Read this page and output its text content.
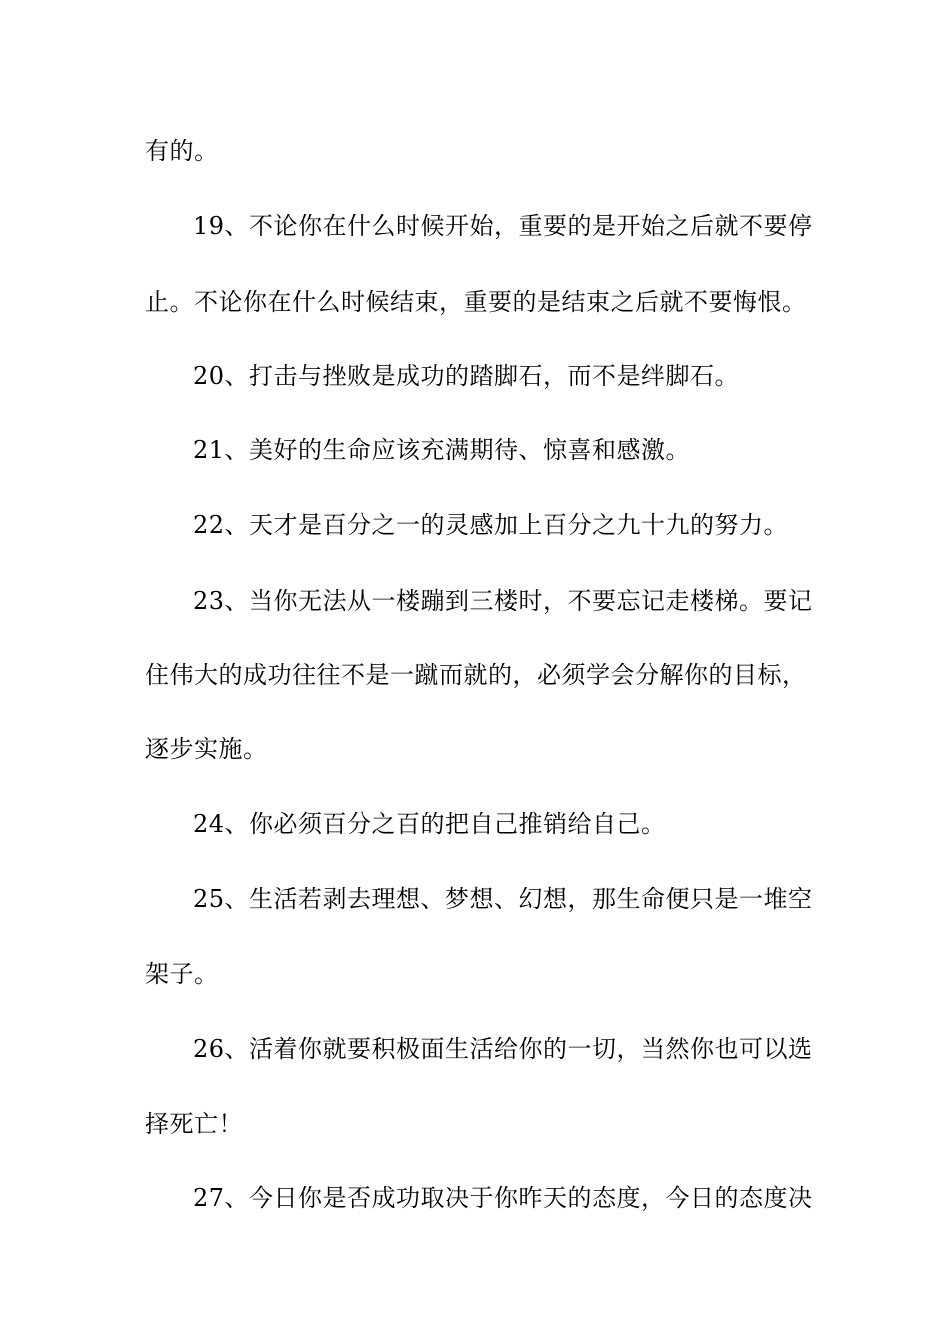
有的。
19、不论你在什么时候开始，重要的是开始之后就不要停
止。不论你在什么时候结束，重要的是结束之后就不要悔恨。
20、打击与挫败是成功的踏脚石，而不是绊脚石。
21、美好的生命应该充满期待、惊喜和感激。
22、天才是百分之一的灵感加上百分之九十九的努力。
23、当你无法从一楼蹦到三楼时，不要忘记走楼梯。要记
住伟大的成功往往不是一蹴而就的，必须学会分解你的目标，
逐步实施。
24、你必须百分之百的把自己推销给自己。
25、生活若剥去理想、梦想、幻想，那生命便只是一堆空
架子。
26、活着你就要积极面生活给你的一切，当然你也可以选
择死亡！
27、今日你是否成功取决于你昨天的态度，今日的态度决
